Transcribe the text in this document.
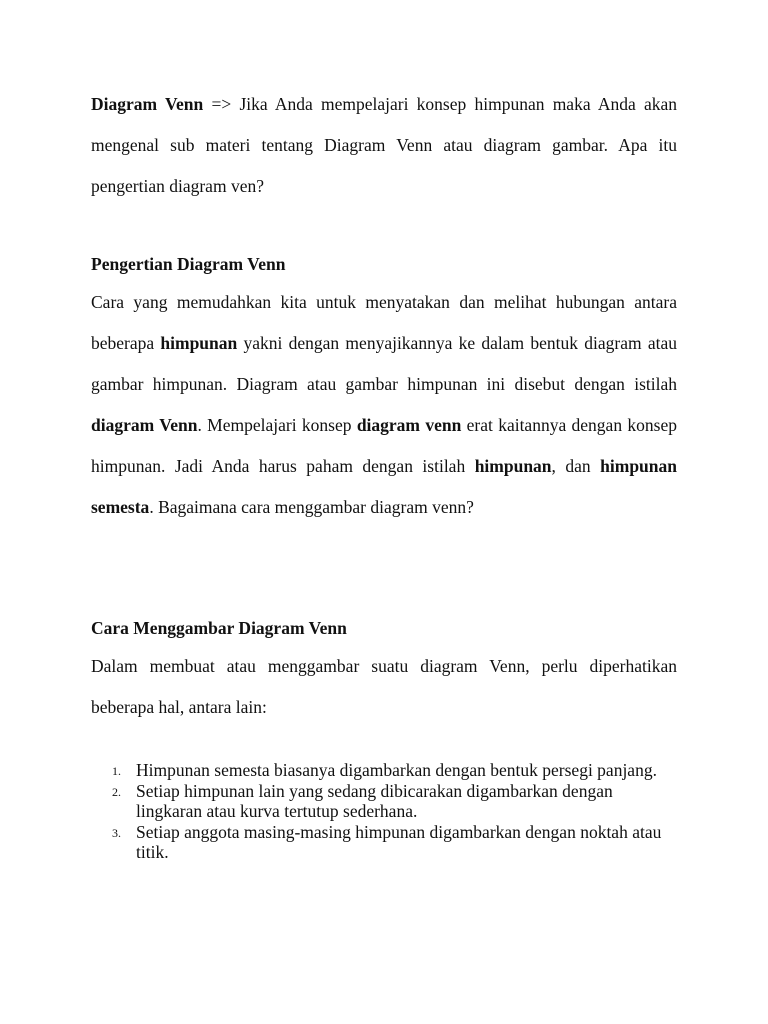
Diagram Venn => Jika Anda mempelajari konsep himpunan maka Anda akan mengenal sub materi tentang Diagram Venn atau diagram gambar. Apa itu pengertian diagram ven?

Pengertian Diagram Venn

Cara yang memudahkan kita untuk menyatakan dan melihat hubungan antara beberapa himpunan yakni dengan menyajikannya ke dalam bentuk diagram atau gambar himpunan. Diagram atau gambar himpunan ini disebut dengan istilah diagram Venn. Mempelajari konsep diagram venn erat kaitannya dengan konsep himpunan. Jadi Anda harus paham dengan istilah himpunan, dan himpunan semesta. Bagaimana cara menggambar diagram venn?

Cara Menggambar Diagram Venn

Dalam membuat atau menggambar suatu diagram Venn, perlu diperhatikan beberapa hal, antara lain:

1. Himpunan semesta biasanya digambarkan dengan bentuk persegi panjang.
2. Setiap himpunan lain yang sedang dibicarakan digambarkan dengan lingkaran atau kurva tertutup sederhana.
3. Setiap anggota masing-masing himpunan digambarkan dengan noktah atau titik.
